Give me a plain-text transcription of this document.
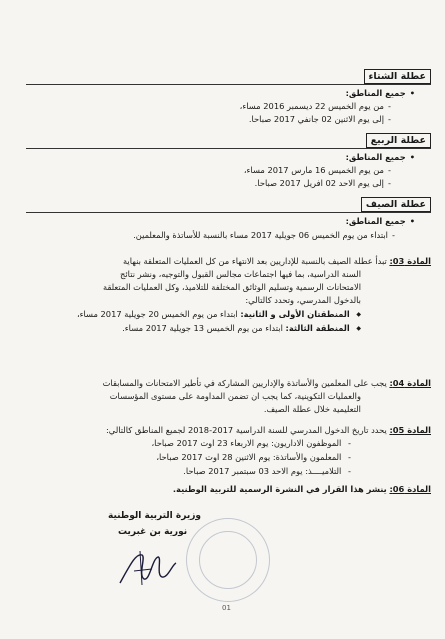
عطلة الشتاء
• جميع المناطق:
- من يوم الخميس 22 ديسمبر 2016 مساء،
- إلى يوم الاثنين 02 جانفي 2017 صباحا.
عطلة الربيع
• جميع المناطق:
- من يوم الخميس 16 مارس 2017 مساء،
- إلى يوم الاحد 02 افريل 2017 صباحا.
عطلة الصيف
• جميع المناطق:
- ابتداء من يوم الخميس 06 جويلية 2017 مساء بالنسبة للأساتذة والمعلمين.
المادة 03: تبدأ عطلة الصيف بالنسبة للإداريين بعد الانتهاء من كل العمليات المتعلقة بنهاية
السنة الدراسية، بما فيها اجتماعات مجالس القبول والتوجيه، ونشر نتائج
الامتحانات الرسمية وتسليم الوثائق المختلفة للتلاميذ، وكل العمليات المتعلقة
بالدخول المدرسي، وتحدد كالتالي:
◆ المنطقتان الأولى و الثانية: ابتداء من يوم الخميس 20 جويلية 2017 مساء،
◆ المنطقة الثالثة: ابتداء من يوم الخميس 13 جويلية 2017 مساء.
المادة 04: يجب على المعلمين والأساتذة والإداريين المشاركة في تأطير الامتحانات والمسابقات
والعمليات التكوينية، كما يجب ان تضمن المداومة على مستوى المؤسسات
التعليمية خلال عطلة الصيف.
المادة 05: يحدد تاريخ الدخول المدرسي للسنة الدراسية 2017-2018 لجميع المناطق كالتالي:
- الموظفون الاداريون: يوم الاربعاء 23 اوت 2017 صباحا،
- المعلمون والأساتذة: يوم الاثنين 28 اوت 2017 صباحا،
- التلاميــــذ: يوم الاحد 03 سبتمبر 2017 صباحا.
المادة 06: ينشر هذا القرار في النشرة الرسمية للتربية الوطنية.
وزيرة التربية الوطنية
نورية بن غبريت
01
